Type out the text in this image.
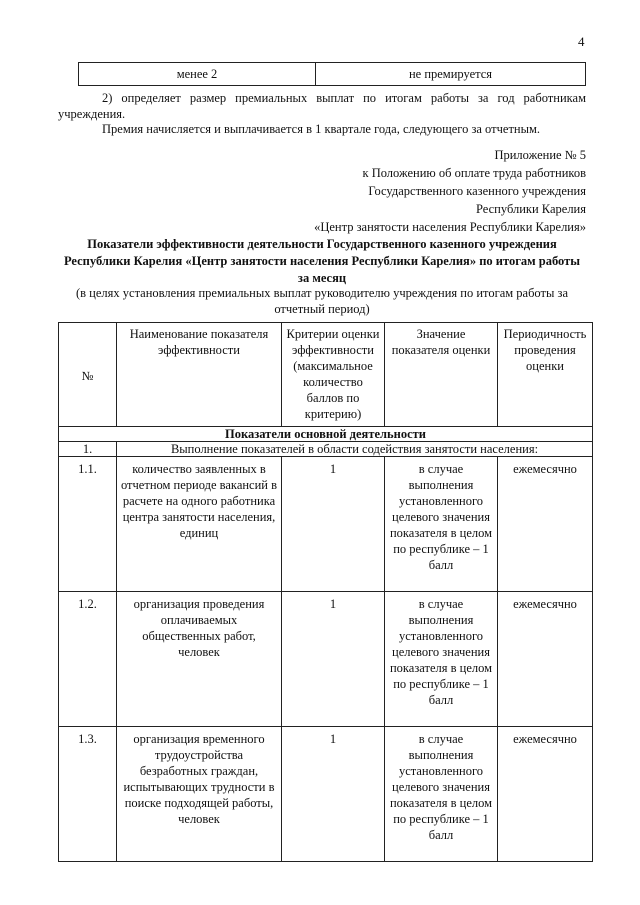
4
менее 2	не премируется
2) определяет размер премиальных выплат по итогам работы за год работникам учреждения.
Премия начисляется и выплачивается в 1 квартале года, следующего за отчетным.
Приложение № 5
к Положению об оплате труда работников
Государственного казенного учреждения
Республики Карелия
«Центр занятости населения Республики Карелия»
Показатели эффективности деятельности Государственного казенного учреждения Республики Карелия «Центр занятости населения Республики Карелия» по итогам работы за месяц
(в целях установления премиальных выплат руководителю учреждения по итогам работы за отчетный период)
№	Наименование показателя эффективности	Критерии оценки эффективности (максимальное количество баллов по критерию)	Значение показателя оценки	Периодичность проведения оценки
Показатели основной деятельности				
1.	Выполнение показателей в области содействия занятости населения:			
1.1.	количество заявленных в отчетном периоде вакансий в расчете на одного работника центра занятости населения, единиц	1	в случае выполнения установленного целевого значения показателя в целом по республике – 1 балл	ежемесячно
1.2.	организация проведения оплачиваемых общественных работ, человек	1	в случае выполнения установленного целевого значения показателя в целом по республике – 1 балл	ежемесячно
1.3.	организация временного трудоустройства безработных граждан, испытывающих трудности в поиске подходящей работы, человек	1	в случае выполнения установленного целевого значения показателя в целом по республике – 1 балл	ежемесячно
